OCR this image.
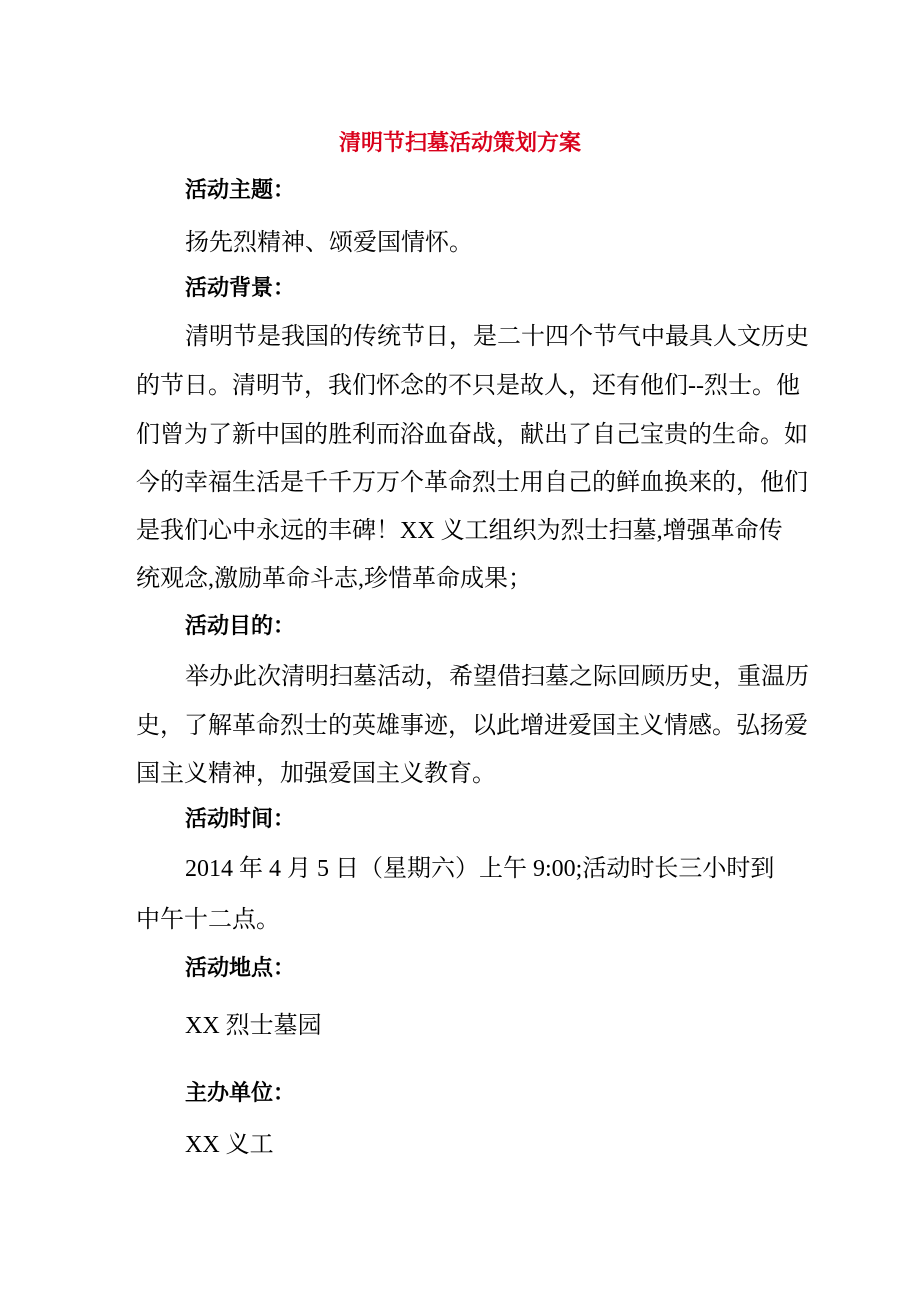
清明节扫墓活动策划方案
活动主题：
扬先烈精神、颂爱国情怀。
活动背景：
清明节是我国的传统节日，是二十四个节气中最具人文历史
的节日。清明节，我们怀念的不只是故人，还有他们--烈士。他
们曾为了新中国的胜利而浴血奋战，献出了自己宝贵的生命。如
今的幸福生活是千千万万个革命烈士用自己的鲜血换来的，他们
是我们心中永远的丰碑！XX 义工组织为烈士扫墓,增强革命传
统观念,激励革命斗志,珍惜革命成果；
活动目的：
举办此次清明扫墓活动，希望借扫墓之际回顾历史，重温历
史，了解革命烈士的英雄事迹，以此增进爱国主义情感。弘扬爱
国主义精神，加强爱国主义教育。
活动时间：
2014 年 4 月 5 日（星期六）上午 9:00;活动时长三小时到
中午十二点。
活动地点：
XX 烈士墓园
主办单位：
XX 义工
